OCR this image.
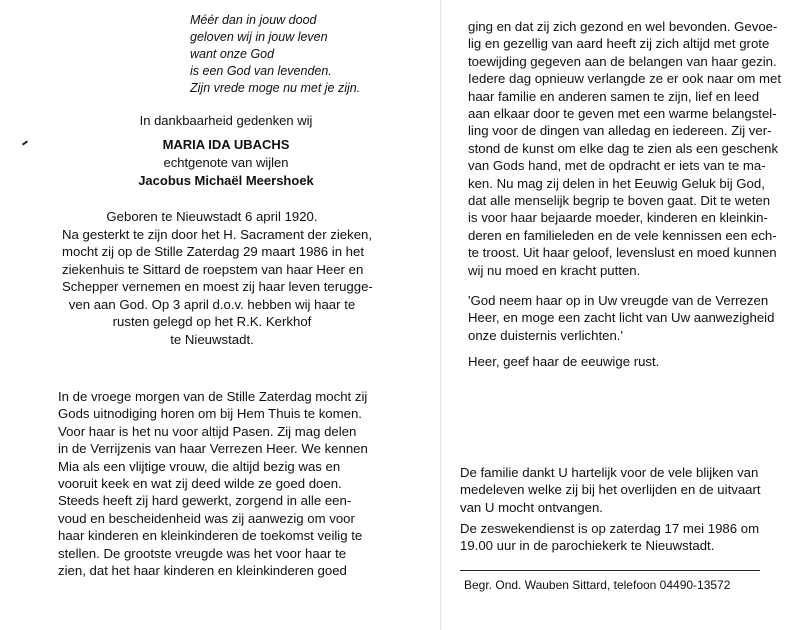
Méér dan in jouw dood
geloven wij in jouw leven
want onze God
is een God van levenden.
Zijn vrede moge nu met je zijn.
In dankbaarheid gedenken wij
MARIA IDA UBACHS
echtgenote van wijlen
Jacobus Michaël Meershoek
Geboren te Nieuwstadt 6 april 1920.
Na gesterkt te zijn door het H. Sacrament der zieken,
mocht zij op de Stille Zaterdag 29 maart 1986 in het
ziekenhuis te Sittard de roepstem van haar Heer en
Schepper vernemen en moest zij haar leven terugge-
ven aan God. Op 3 april d.o.v. hebben wij haar te
rusten gelegd op het R.K. Kerkhof
te Nieuwstadt.
In de vroege morgen van de Stille Zaterdag mocht zij
Gods uitnodiging horen om bij Hem Thuis te komen.
Voor haar is het nu voor altijd Pasen. Zij mag delen
in de Verrijzenis van haar Verrezen Heer. We kennen
Mia als een vlijtige vrouw, die altijd bezig was en
vooruit keek en wat zij deed wilde ze goed doen.
Steeds heeft zij hard gewerkt, zorgend in alle een-
voud en bescheidenheid was zij aanwezig om voor
haar kinderen en kleinkinderen de toekomst veilig te
stellen. De grootste vreugde was het voor haar te
zien, dat het haar kinderen en kleinkinderen goed
ging en dat zij zich gezond en wel bevonden. Gevoe-
lig en gezellig van aard heeft zij zich altijd met grote
toewijding gegeven aan de belangen van haar gezin.
Iedere dag opnieuw verlangde ze er ook naar om met
haar familie en anderen samen te zijn, lief en leed
aan elkaar door te geven met een warme belangstel-
ling voor de dingen van alledag en iedereen. Zij ver-
stond de kunst om elke dag te zien als een geschenk
van Gods hand, met de opdracht er iets van te ma-
ken. Nu mag zij delen in het Eeuwig Geluk bij God,
dat alle menselijk begrip te boven gaat. Dit te weten
is voor haar bejaarde moeder, kinderen en kleinkin-
deren en familieleden en de vele kennissen een ech-
te troost. Uit haar geloof, levenslust en moed kunnen
wij nu moed en kracht putten.
'God neem haar op in Uw vreugde van de Verrezen
Heer, en moge een zacht licht van Uw aanwezigheid
onze duisternis verlichten.'
Heer, geef haar de eeuwige rust.
De familie dankt U hartelijk voor de vele blijken van
medeleven welke zij bij het overlijden en de uitvaart
van U mocht ontvangen.
De zeswekendienst is op zaterdag 17 mei 1986 om
19.00 uur in de parochiekerk te Nieuwstadt.
Begr. Ond. Wauben Sittard, telefoon 04490-13572
